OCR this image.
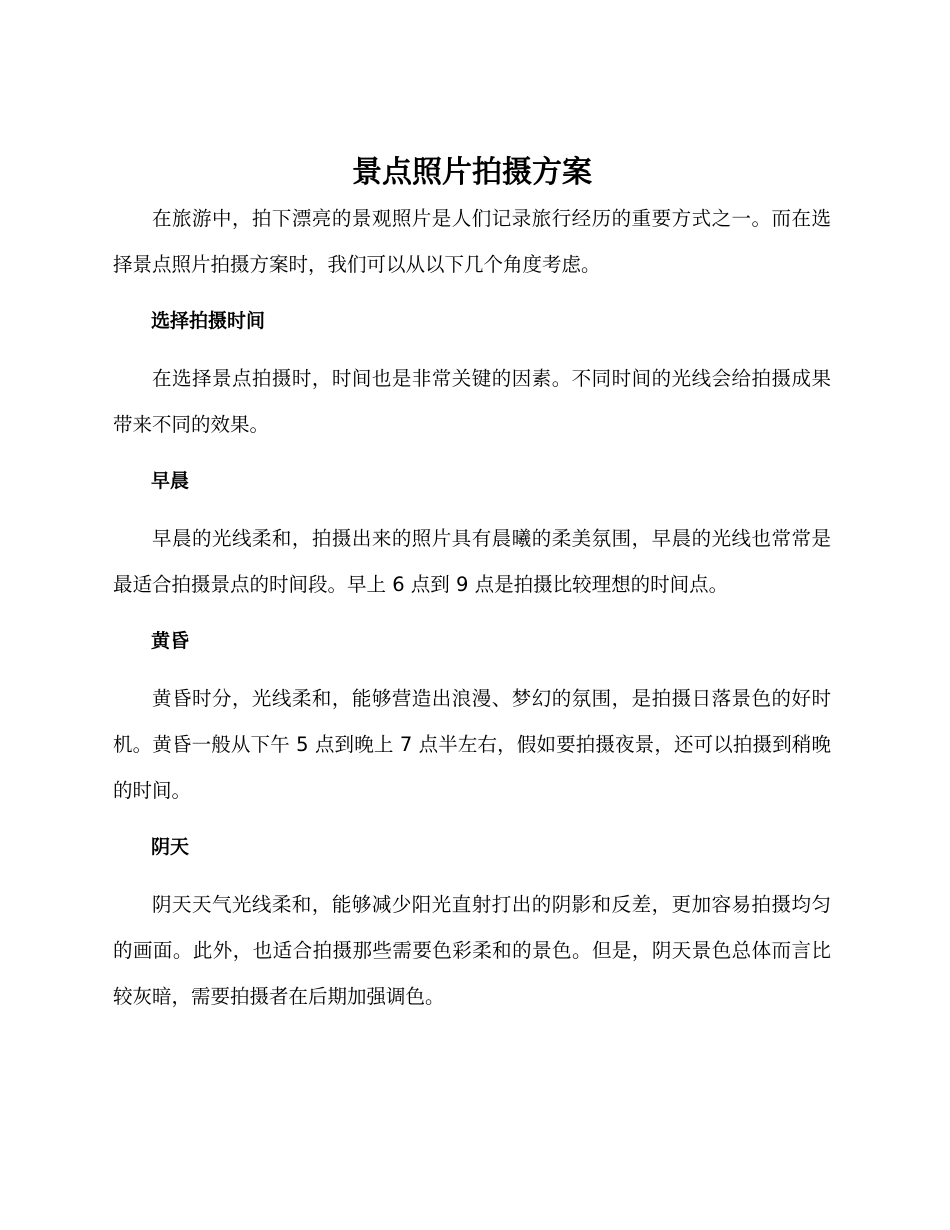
景点照片拍摄方案

在旅游中，拍下漂亮的景观照片是人们记录旅行经历的重要方式之一。而在选择景点照片拍摄方案时，我们可以从以下几个角度考虑。

选择拍摄时间

在选择景点拍摄时，时间也是非常关键的因素。不同时间的光线会给拍摄成果带来不同的效果。

早晨

早晨的光线柔和，拍摄出来的照片具有晨曦的柔美氛围，早晨的光线也常常是最适合拍摄景点的时间段。早上 6 点到 9 点是拍摄比较理想的时间点。

黄昏

黄昏时分，光线柔和，能够营造出浪漫、梦幻的氛围，是拍摄日落景色的好时机。黄昏一般从下午 5 点到晚上 7 点半左右，假如要拍摄夜景，还可以拍摄到稍晚的时间。

阴天

阴天天气光线柔和，能够减少阳光直射打出的阴影和反差，更加容易拍摄均匀的画面。此外，也适合拍摄那些需要色彩柔和的景色。但是，阴天景色总体而言比较灰暗，需要拍摄者在后期加强调色。
